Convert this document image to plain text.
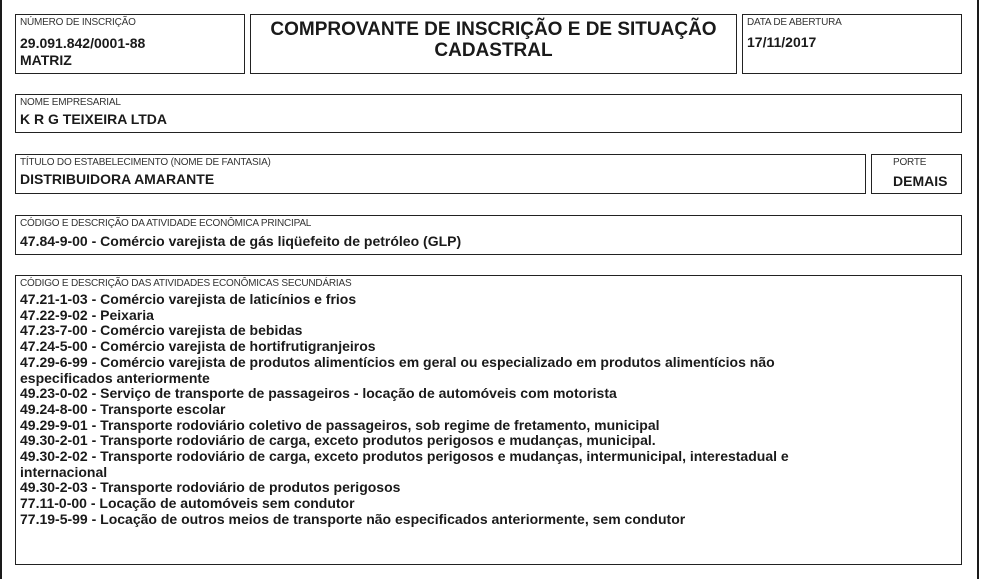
NÚMERO DE INSCRIÇÃO
29.091.842/0001-88
MATRIZ
COMPROVANTE DE INSCRIÇÃO E DE SITUAÇÃO
CADASTRAL
DATA DE ABERTURA
17/11/2017
NOME EMPRESARIAL
K R G TEIXEIRA LTDA
TÍTULO DO ESTABELECIMENTO (NOME DE FANTASIA)
DISTRIBUIDORA AMARANTE
PORTE
DEMAIS
CÓDIGO E DESCRIÇÃO DA ATIVIDADE ECONÔMICA PRINCIPAL
47.84-9-00 - Comércio varejista de gás liqüefeito de petróleo (GLP)
CÓDIGO E DESCRIÇÃO DAS ATIVIDADES ECONÔMICAS SECUNDÁRIAS
47.21-1-03 - Comércio varejista de laticínios e frios
47.22-9-02 - Peixaria
47.23-7-00 - Comércio varejista de bebidas
47.24-5-00 - Comércio varejista de hortifrutigranjeiros
47.29-6-99 - Comércio varejista de produtos alimentícios em geral ou especializado em produtos alimentícios não
especificados anteriormente
49.23-0-02 - Serviço de transporte de passageiros - locação de automóveis com motorista
49.24-8-00 - Transporte escolar
49.29-9-01 - Transporte rodoviário coletivo de passageiros, sob regime de fretamento, municipal
49.30-2-01 - Transporte rodoviário de carga, exceto produtos perigosos e mudanças, municipal.
49.30-2-02 - Transporte rodoviário de carga, exceto produtos perigosos e mudanças, intermunicipal, interestadual e
internacional
49.30-2-03 - Transporte rodoviário de produtos perigosos
77.11-0-00 - Locação de automóveis sem condutor
77.19-5-99 - Locação de outros meios de transporte não especificados anteriormente, sem condutor
